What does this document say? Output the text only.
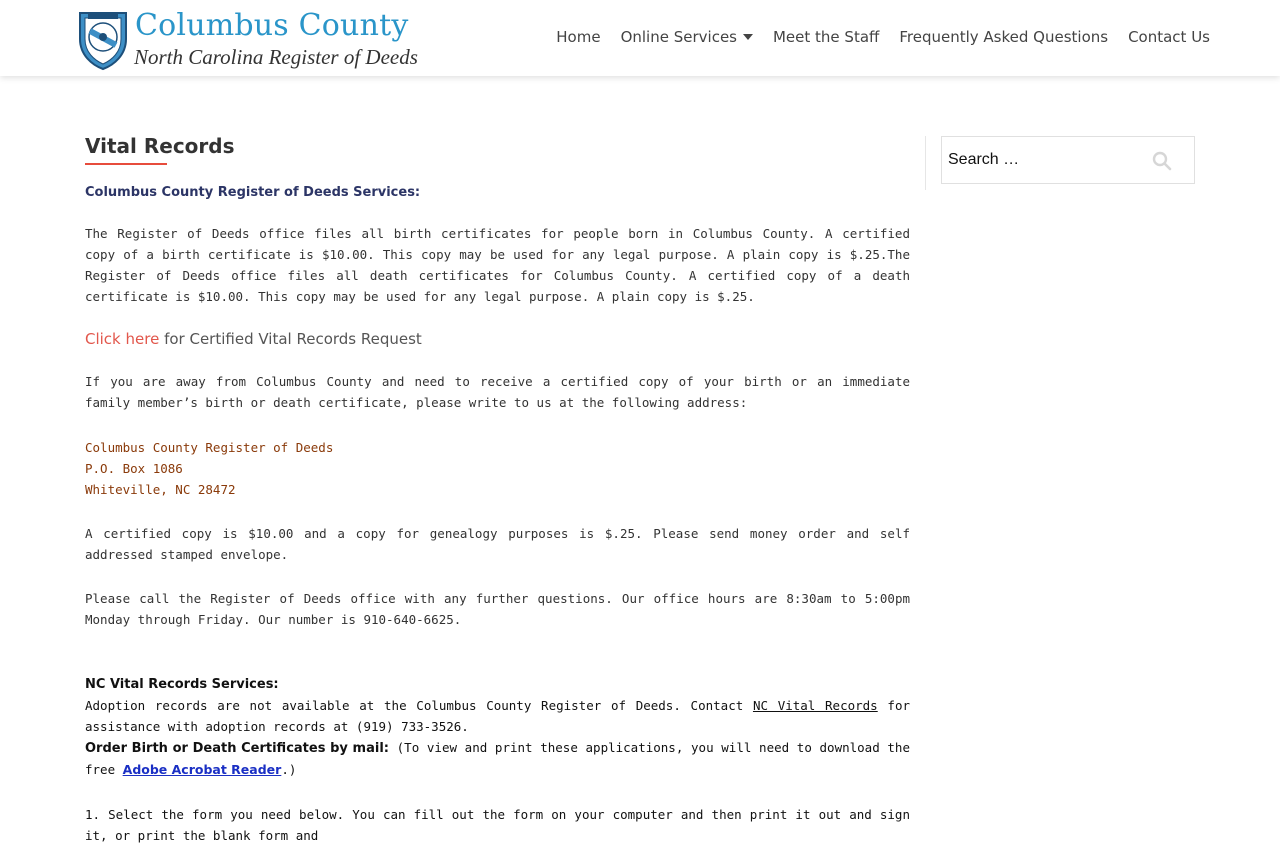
Columbus County
North Carolina Register of Deeds
Home Online Services Meet the Staff Frequently Asked Questions Contact Us
Vital Records
Columbus County Register of Deeds Services:
The Register of Deeds office files all birth certificates for people born in Columbus County. A certified copy of a birth certificate is $10.00. This copy may be used for any legal purpose. A plain copy is $.25.The Register of Deeds office files all death certificates for Columbus County. A certified copy of a death certificate is $10.00. This copy may be used for any legal purpose. A plain copy is $.25.
Click here for Certified Vital Records Request
If you are away from Columbus County and need to receive a certified copy of your birth or an immediate family member’s birth or death certificate, please write to us at the following address:
Columbus County Register of Deeds
P.O. Box 1086
Whiteville, NC 28472
A certified copy is $10.00 and a copy for genealogy purposes is $.25. Please send money order and self addressed stamped envelope.
Please call the Register of Deeds office with any further questions. Our office hours are 8:30am to 5:00pm Monday through Friday. Our number is 910-640-6625.
NC Vital Records Services:
Adoption records are not available at the Columbus County Register of Deeds. Contact NC Vital Records for assistance with adoption records at (919) 733-3526.
Order Birth or Death Certificates by mail: (To view and print these applications, you will need to download the free Adobe Acrobat Reader.)
1. Select the form you need below. You can fill out the form on your computer and then print it out and sign it, or print the blank form and
Search …
